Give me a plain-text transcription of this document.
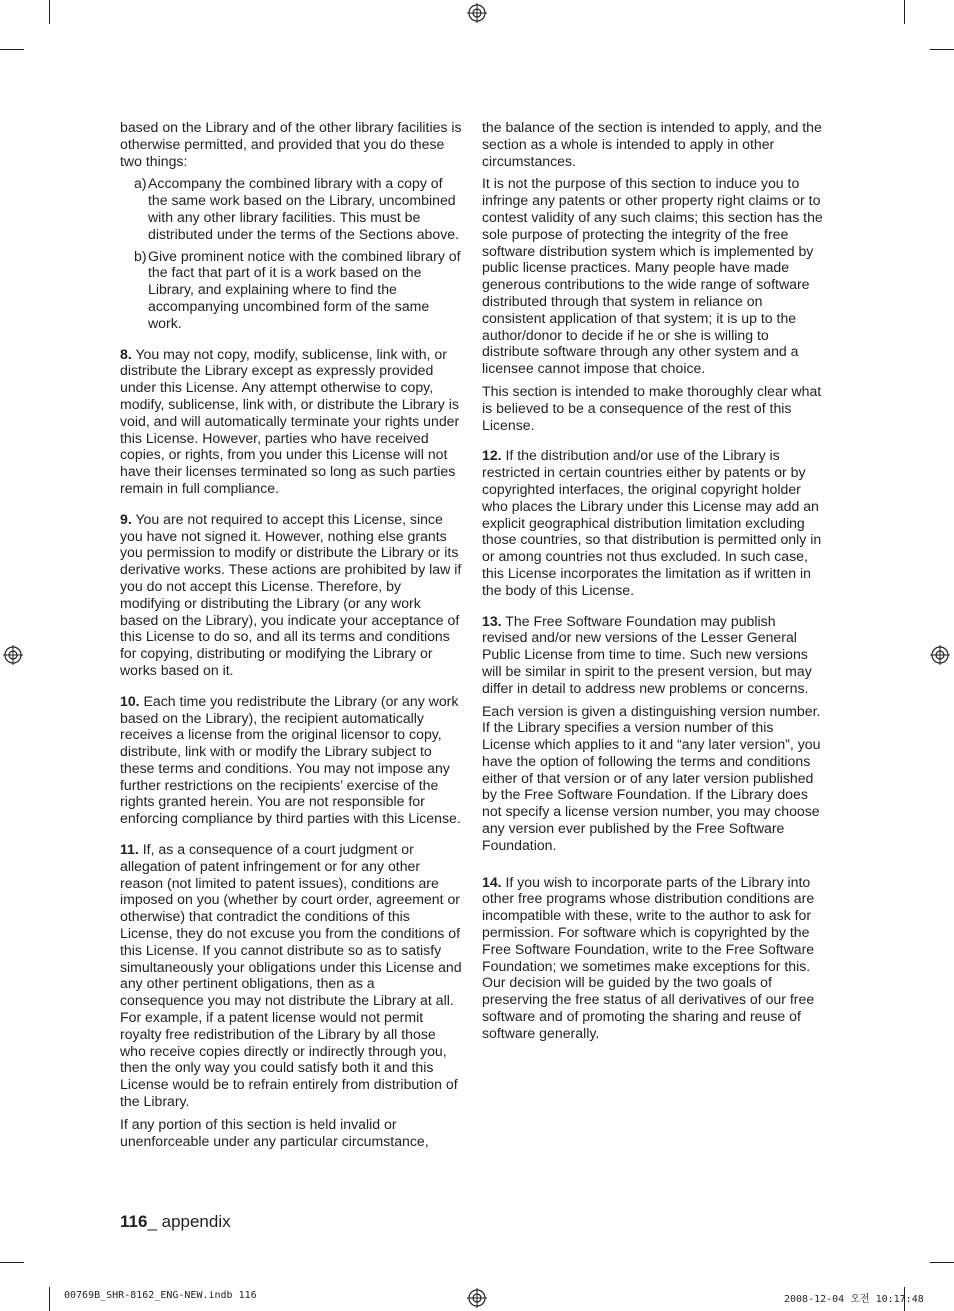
based on the Library and of the other library facilities is otherwise permitted, and provided that you do these two things:

a) Accompany the combined library with a copy of the same work based on the Library, uncombined with any other library facilities. This must be distributed under the terms of the Sections above.
b) Give prominent notice with the combined library of the fact that part of it is a work based on the Library, and explaining where to find the accompanying uncombined form of the same work.

8. You may not copy, modify, sublicense, link with, or distribute the Library except as expressly provided under this License. Any attempt otherwise to copy, modify, sublicense, link with, or distribute the Library is void, and will automatically terminate your rights under this License. However, parties who have received copies, or rights, from you under this License will not have their licenses terminated so long as such parties remain in full compliance.

9. You are not required to accept this License, since you have not signed it. However, nothing else grants you permission to modify or distribute the Library or its derivative works. These actions are prohibited by law if you do not accept this License. Therefore, by modifying or distributing the Library (or any work based on the Library), you indicate your acceptance of this License to do so, and all its terms and conditions for copying, distributing or modifying the Library or works based on it.

10. Each time you redistribute the Library (or any work based on the Library), the recipient automatically receives a license from the original licensor to copy, distribute, link with or modify the Library subject to these terms and conditions. You may not impose any further restrictions on the recipients’ exercise of the rights granted herein. You are not responsible for enforcing compliance by third parties with this License.

11. If, as a consequence of a court judgment or allegation of patent infringement or for any other reason (not limited to patent issues), conditions are imposed on you (whether by court order, agreement or otherwise) that contradict the conditions of this License, they do not excuse you from the conditions of this License. If you cannot distribute so as to satisfy simultaneously your obligations under this License and any other pertinent obligations, then as a consequence you may not distribute the Library at all. For example, if a patent license would not permit royalty free redistribution of the Library by all those who receive copies directly or indirectly through you, then the only way you could satisfy both it and this License would be to refrain entirely from distribution of the Library.

If any portion of this section is held invalid or unenforceable under any particular circumstance,

the balance of the section is intended to apply, and the section as a whole is intended to apply in other circumstances.

It is not the purpose of this section to induce you to infringe any patents or other property right claims or to contest validity of any such claims; this section has the sole purpose of protecting the integrity of the free software distribution system which is implemented by public license practices. Many people have made generous contributions to the wide range of software distributed through that system in reliance on consistent application of that system; it is up to the author/donor to decide if he or she is willing to distribute software through any other system and a licensee cannot impose that choice.

This section is intended to make thoroughly clear what is believed to be a consequence of the rest of this License.

12. If the distribution and/or use of the Library is restricted in certain countries either by patents or by copyrighted interfaces, the original copyright holder who places the Library under this License may add an explicit geographical distribution limitation excluding those countries, so that distribution is permitted only in or among countries not thus excluded. In such case, this License incorporates the limitation as if written in the body of this License.

13. The Free Software Foundation may publish revised and/or new versions of the Lesser General Public License from time to time. Such new versions will be similar in spirit to the present version, but may differ in detail to address new problems or concerns.

Each version is given a distinguishing version number. If the Library specifies a version number of this License which applies to it and “any later version”, you have the option of following the terms and conditions either of that version or of any later version published by the Free Software Foundation. If the Library does not specify a license version number, you may choose any version ever published by the Free Software Foundation.

14. If you wish to incorporate parts of the Library into other free programs whose distribution conditions are incompatible with these, write to the author to ask for permission. For software which is copyrighted by the Free Software Foundation, write to the Free Software Foundation; we sometimes make exceptions for this. Our decision will be guided by the two goals of preserving the free status of all derivatives of our free software and of promoting the sharing and reuse of software generally.

116_ appendix
00769B_SHR-8162_ENG-NEW.indb 116	2008-12-04 오전 10:17:48
